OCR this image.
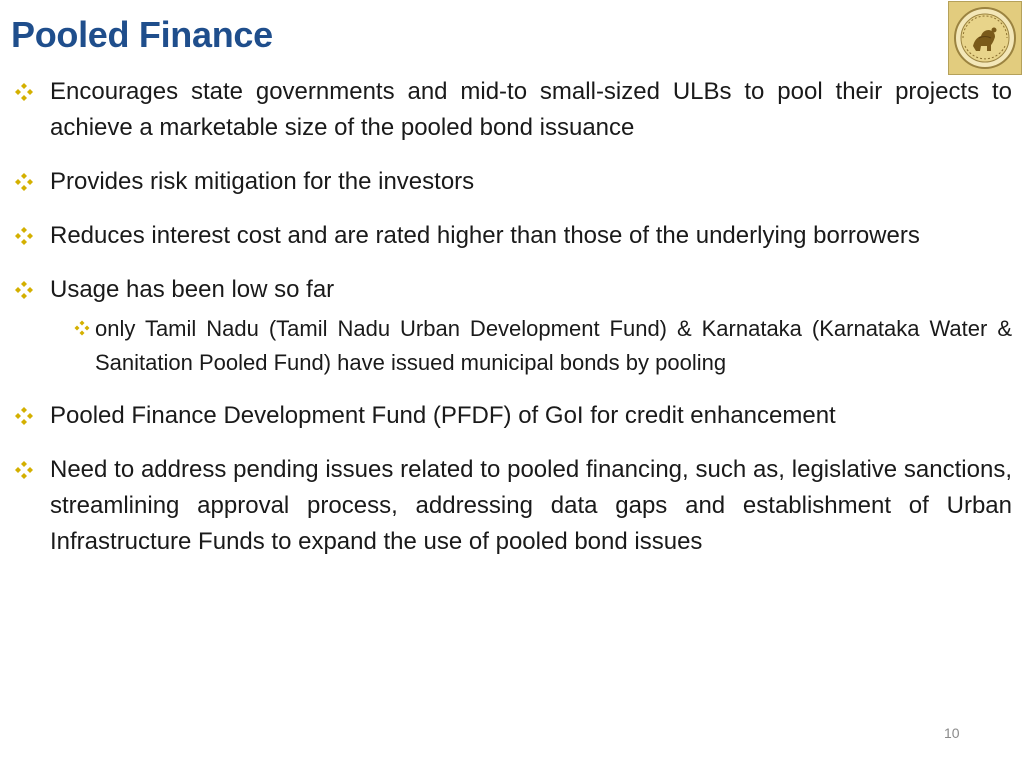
Pooled Finance
Encourages state governments and mid-to small-sized ULBs to pool their projects to achieve a marketable size of the pooled bond issuance
Provides risk mitigation for the investors
Reduces interest cost and are rated higher than those of the underlying borrowers
Usage has been low so far
only Tamil Nadu (Tamil Nadu Urban Development Fund) & Karnataka (Karnataka Water & Sanitation Pooled Fund) have issued municipal bonds by pooling
Pooled Finance Development Fund (PFDF) of GoI for credit enhancement
Need to address pending issues related to pooled financing, such as, legislative sanctions, streamlining approval process, addressing data gaps and establishment of Urban Infrastructure Funds to expand the use of pooled bond issues
10
